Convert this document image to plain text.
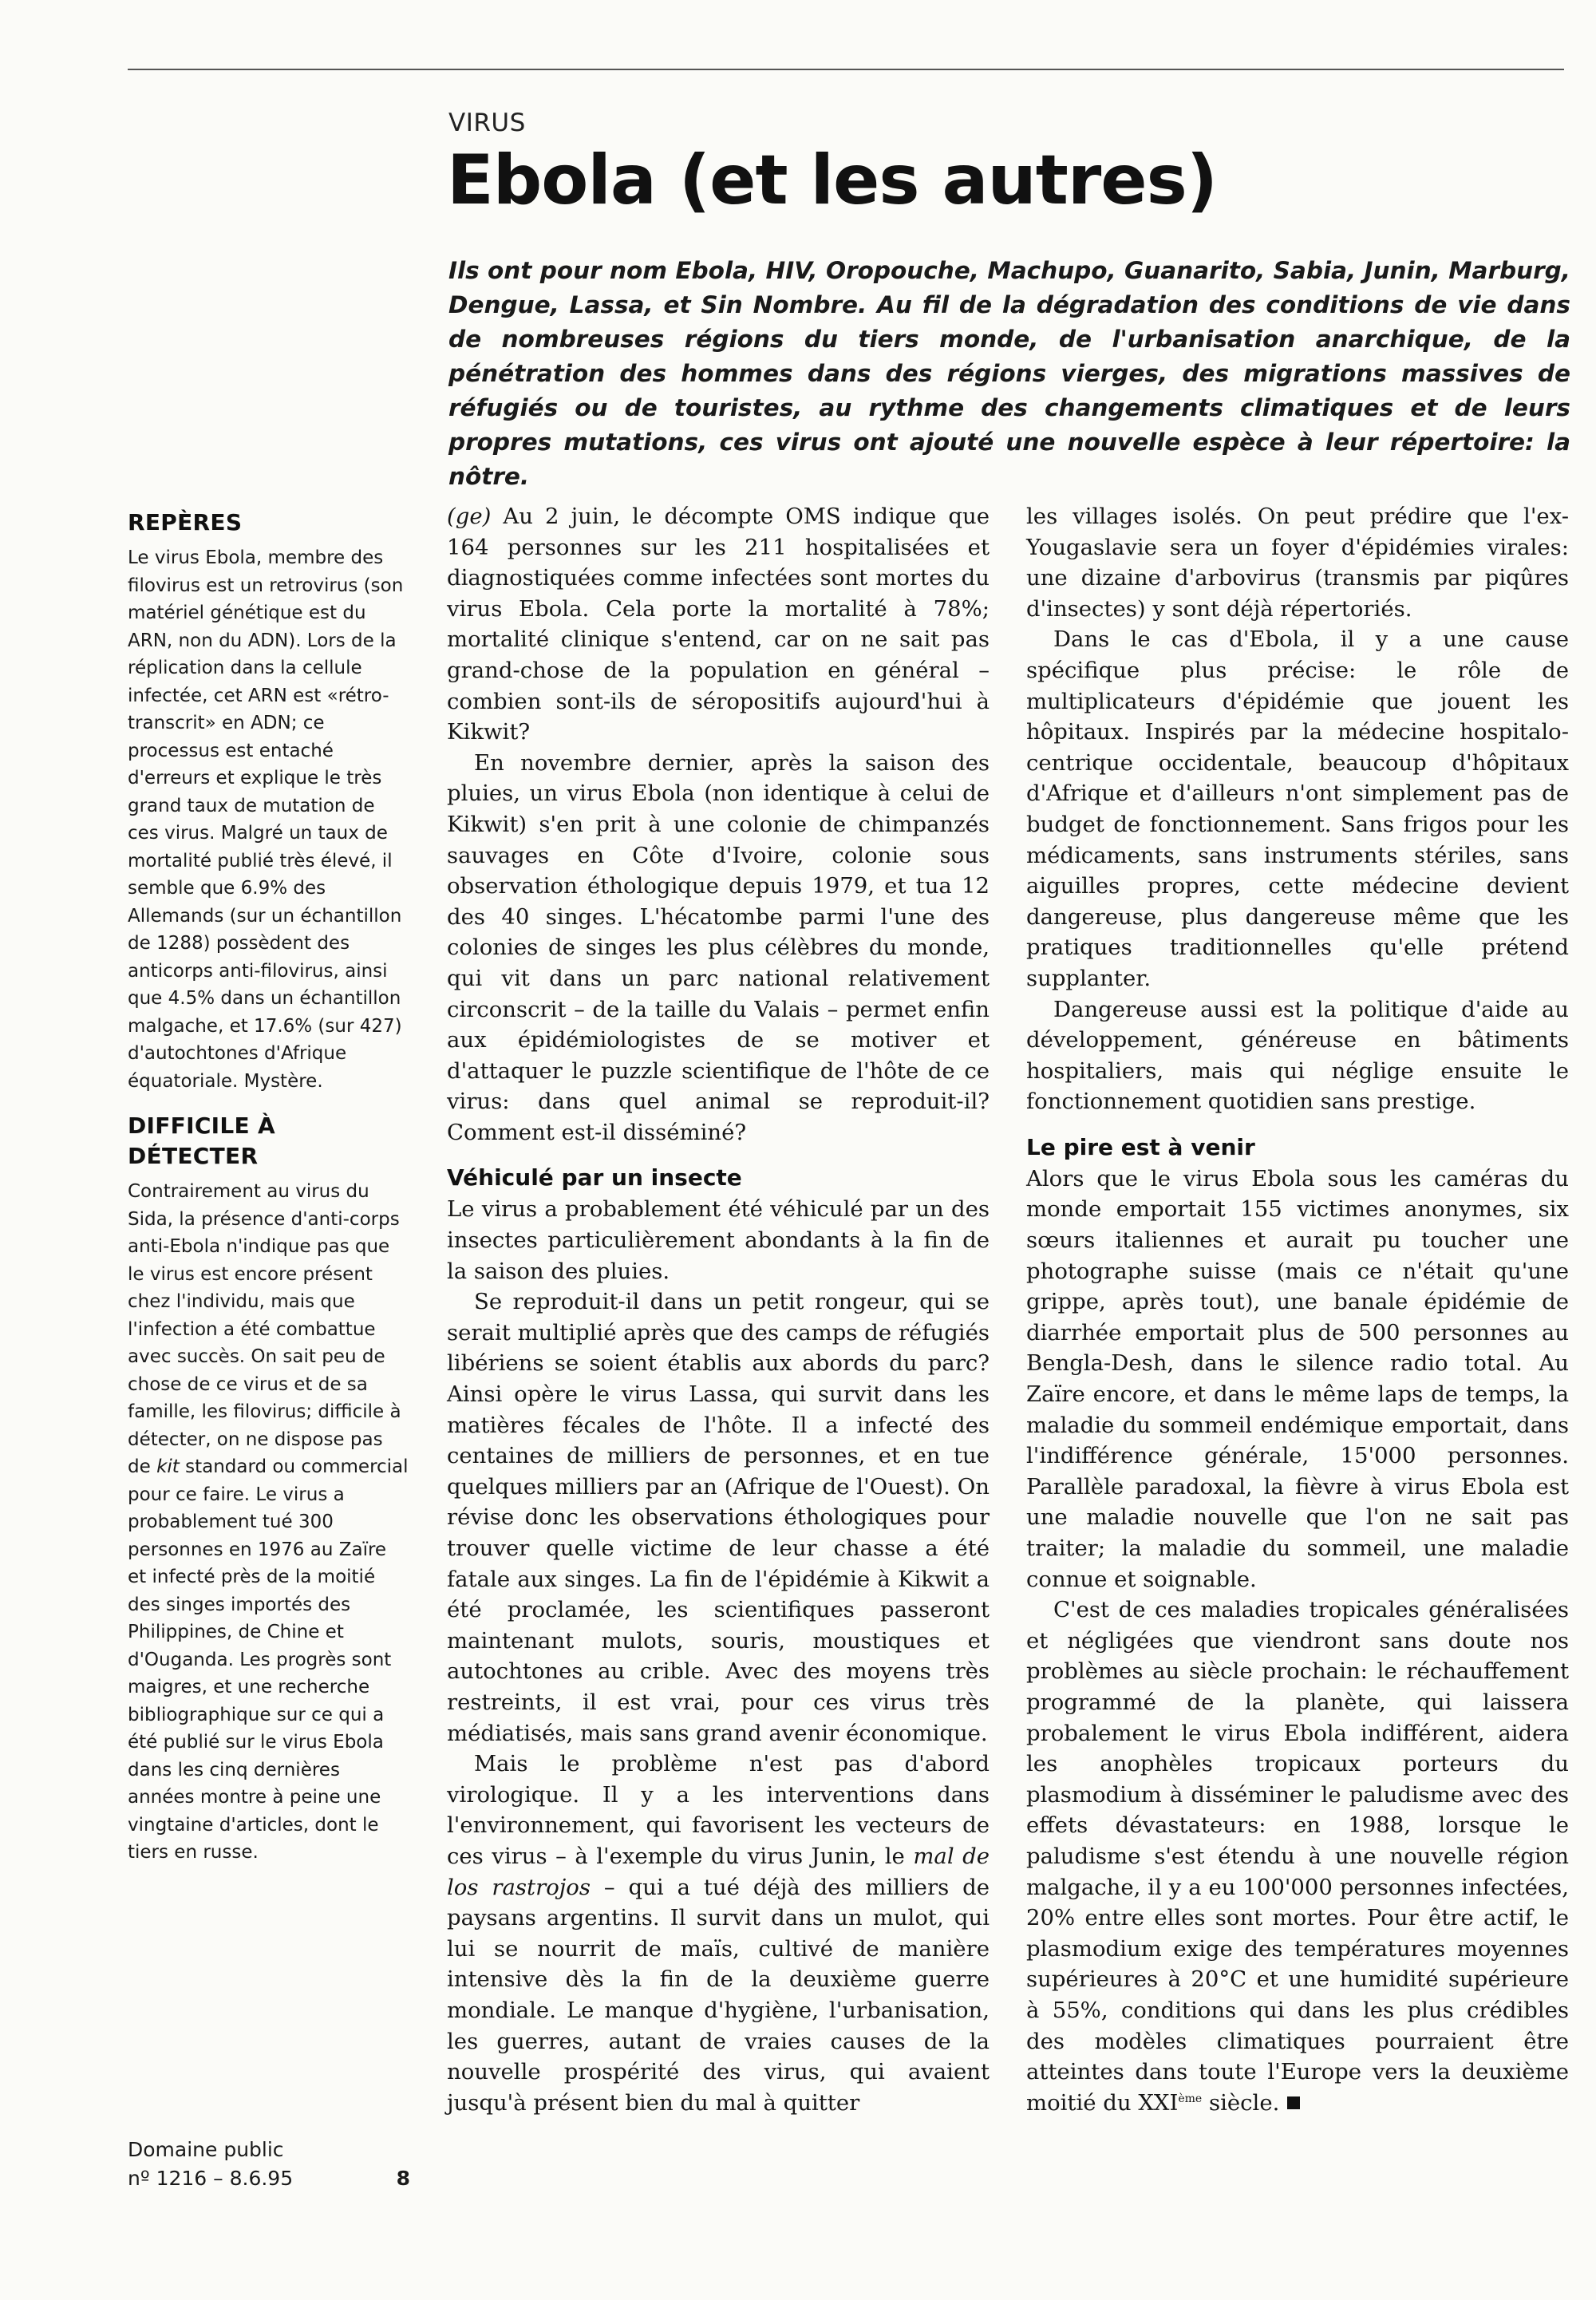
VIRUS
Ebola (et les autres)

Ils ont pour nom Ebola, HIV, Oropouche, Machupo, Guanarito, Sabia, Junin, Marburg, Dengue, Lassa, et Sin Nombre. Au fil de la dégradation des conditions de vie dans de nombreuses régions du tiers monde, de l'urbanisation anarchique, de la pénétration des hommes dans des régions vierges, des migrations massives de réfugiés ou de touristes, au rythme des changements climatiques et de leurs propres mutations, ces virus ont ajouté une nouvelle espèce à leur répertoire: la nôtre.

REPÈRES

Le virus Ebola, membre des filovirus est un retrovirus (son matériel génétique est du ARN, non du ADN). Lors de la réplication dans la cellule infectée, cet ARN est «rétro-transcrit» en ADN; ce processus est entaché d'erreurs et explique le très grand taux de mutation de ces virus. Malgré un taux de mortalité publié très élevé, il semble que 6.9% des Allemands (sur un échantillon de 1288) possèdent des anticorps anti-filovirus, ainsi que 4.5% dans un échantillon malgache, et 17.6% (sur 427) d'autochtones d'Afrique équatoriale. Mystère.

DIFFICILE À DÉTECTER

Contrairement au virus du Sida, la présence d'anti-corps anti-Ebola n'indique pas que le virus est encore présent chez l'individu, mais que l'infection a été combattue avec succès. On sait peu de chose de ce virus et de sa famille, les filovirus; difficile à détecter, on ne dispose pas de kit standard ou commercial pour ce faire. Le virus a probablement tué 300 personnes en 1976 au Zaïre et infecté près de la moitié des singes importés des Philippines, de Chine et d'Ouganda. Les progrès sont maigres, et une recherche bibliographique sur ce qui a été publié sur le virus Ebola dans les cinq dernières années montre à peine une vingtaine d'articles, dont le tiers en russe.

Domaine public
nº 1216 – 8.6.95	8

(ge) Au 2 juin, le décompte OMS indique que 164 personnes sur les 211 hospitalisées et diagnostiquées comme infectées sont mortes du virus Ebola. Cela porte la mortalité à 78%; mortalité clinique s'entend, car on ne sait pas grand-chose de la population en général – combien sont-ils de séropositifs aujourd'hui à Kikwit?

En novembre dernier, après la saison des pluies, un virus Ebola (non identique à celui de Kikwit) s'en prit à une colonie de chimpanzés sauvages en Côte d'Ivoire, colonie sous observation éthologique depuis 1979, et tua 12 des 40 singes. L'hécatombe parmi l'une des colonies de singes les plus célèbres du monde, qui vit dans un parc national relativement circonscrit – de la taille du Valais – permet enfin aux épidémiologistes de se motiver et d'attaquer le puzzle scientifique de l'hôte de ce virus: dans quel animal se reproduit-il? Comment est-il disséminé?

Véhiculé par un insecte

Le virus a probablement été véhiculé par un des insectes particulièrement abondants à la fin de la saison des pluies.

Se reproduit-il dans un petit rongeur, qui se serait multiplié après que des camps de réfugiés libériens se soient établis aux abords du parc? Ainsi opère le virus Lassa, qui survit dans les matières fécales de l'hôte. Il a infecté des centaines de milliers de personnes, et en tue quelques milliers par an (Afrique de l'Ouest). On révise donc les observations éthologiques pour trouver quelle victime de leur chasse a été fatale aux singes. La fin de l'épidémie à Kikwit a été proclamée, les scientifiques passeront maintenant mulots, souris, moustiques et autochtones au crible. Avec des moyens très restreints, il est vrai, pour ces virus très médiatisés, mais sans grand avenir économique.

Mais le problème n'est pas d'abord virologique. Il y a les interventions dans l'environnement, qui favorisent les vecteurs de ces virus – à l'exemple du virus Junin, le mal de los rastrojos – qui a tué déjà des milliers de paysans argentins. Il survit dans un mulot, qui lui se nourrit de maïs, cultivé de manière intensive dès la fin de la deuxième guerre mondiale. Le manque d'hygiène, l'urbanisation, les guerres, autant de vraies causes de la nouvelle prospérité des virus, qui avaient jusqu'à présent bien du mal à quitter

les villages isolés. On peut prédire que l'ex-Yougaslavie sera un foyer d'épidémies virales: une dizaine d'arbovirus (transmis par piqûres d'insectes) y sont déjà répertoriés.

Dans le cas d'Ebola, il y a une cause spécifique plus précise: le rôle de multiplicateurs d'épidémie que jouent les hôpitaux. Inspirés par la médecine hospitalo-centrique occidentale, beaucoup d'hôpitaux d'Afrique et d'ailleurs n'ont simplement pas de budget de fonctionnement. Sans frigos pour les médicaments, sans instruments stériles, sans aiguilles propres, cette médecine devient dangereuse, plus dangereuse même que les pratiques traditionnelles qu'elle prétend supplanter.

Dangereuse aussi est la politique d'aide au développement, généreuse en bâtiments hospitaliers, mais qui néglige ensuite le fonctionnement quotidien sans prestige.

Le pire est à venir

Alors que le virus Ebola sous les caméras du monde emportait 155 victimes anonymes, six sœurs italiennes et aurait pu toucher une photographe suisse (mais ce n'était qu'une grippe, après tout), une banale épidémie de diarrhée emportait plus de 500 personnes au Bengla-Desh, dans le silence radio total. Au Zaïre encore, et dans le même laps de temps, la maladie du sommeil endémique emportait, dans l'indifférence générale, 15'000 personnes. Parallèle paradoxal, la fièvre à virus Ebola est une maladie nouvelle que l'on ne sait pas traiter; la maladie du sommeil, une maladie connue et soignable.

C'est de ces maladies tropicales généralisées et négligées que viendront sans doute nos problèmes au siècle prochain: le réchauffement programmé de la planète, qui laissera probalement le virus Ebola indifférent, aidera les anophèles tropicaux porteurs du plasmodium à disséminer le paludisme avec des effets dévastateurs: en 1988, lorsque le paludisme s'est étendu à une nouvelle région malgache, il y a eu 100'000 personnes infectées, 20% entre elles sont mortes. Pour être actif, le plasmodium exige des températures moyennes supérieures à 20°C et une humidité supérieure à 55%, conditions qui dans les plus crédibles des modèles climatiques pourraient être atteintes dans toute l'Europe vers la deuxième moitié du XXIème siècle.
